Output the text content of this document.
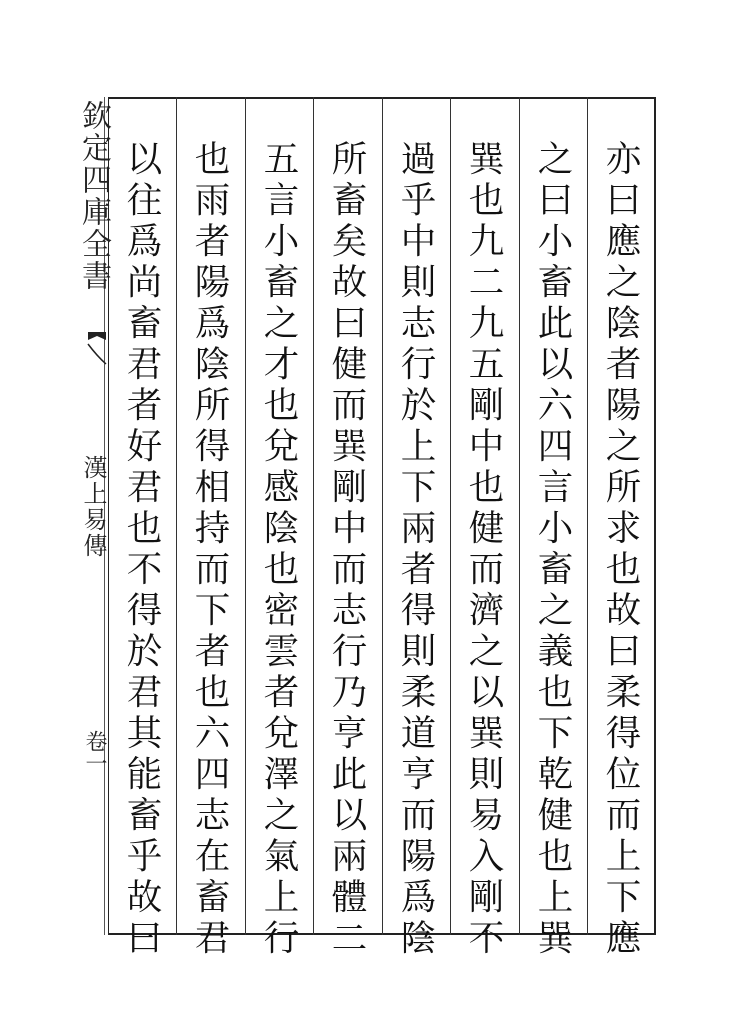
欽定四庫全書
漢上易傳
卷一	亦曰應之陰者陽之所求也故曰柔得位而上下應
之曰小畜此以六四言小畜之義也下乾健也上巽
巽也九二九五剛中也健而濟之以巽則易入剛不
過乎中則志行於上下兩者得則柔道亨而陽爲陰
所畜矣故曰健而巽剛中而志行乃亨此以兩體二
五言小畜之才也兌感陰也密雲者兌澤之氣上行
也雨者陽爲陰所得相持而下者也六四志在畜君
以往爲尚畜君者好君也不得於君其能畜乎故曰
